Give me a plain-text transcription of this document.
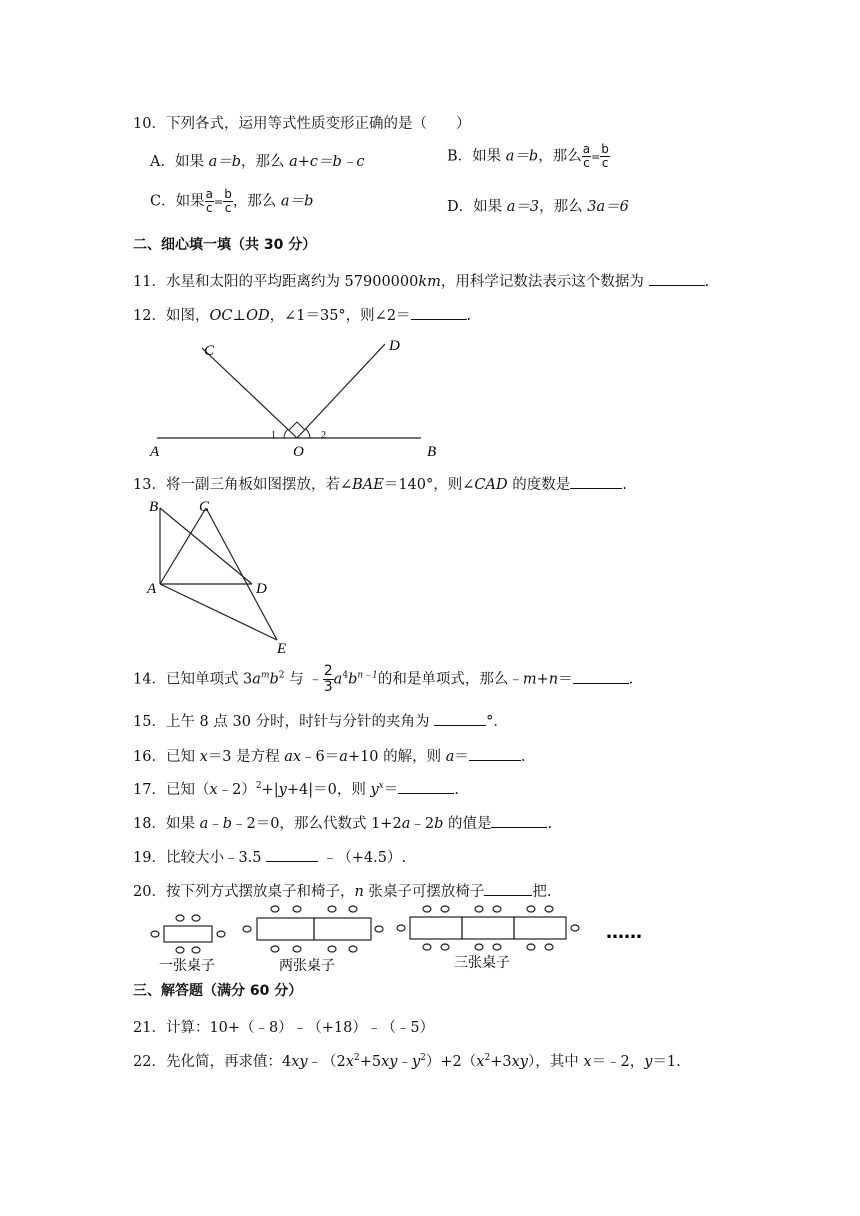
10．下列各式，运用等式性质变形正确的是（　　）
A．如果 a＝b，那么 a+c＝b﹣c	B．如果 a＝b，那么 $\frac{a}{c} = \frac{b}{c}$
C．如果 $\frac{a}{c} = \frac{b}{c}$ ，那么 a＝b	D．如果 a＝3，那么 3a＝6
二、细心填一填（共 30 分）
11．水星和太阳的平均距离约为 57900000km，用科学记数法表示这个数据为	.
12．如图，OC⊥OD，∠1＝35°，则∠2＝	.
C	D
A	O	B
1	2
13．将一副三角板如图摆放，若∠BAE＝140°，则∠CAD 的度数是	.
B	C
A	D
E
14．已知单项式 $3a^mb^2$ 与 ﹣ $\frac{2}{3} a^4b^{n﹣1}$的和是单项式，那么﹣m+n＝	.
15．上午 8 点 30 分时，时针与分针的夹角为	°．
16．已知 x＝3 是方程 ax﹣6＝a+10 的解，则 a＝	.
17．已知（x﹣2）$^2$+|y+4|＝0，则 $y^x=$	.
18．如果 a﹣b﹣2＝0，那么代数式 1+2a﹣2b 的值是	.
19．比较大小﹣3.5	﹣（+4.5）.
20．按下列方式摆放桌子和椅子，n 张桌子可摆放椅子	把.
一张桌子	两张桌子	三张桌子
……
三、解答题（满分 60 分）
21．计算：10+（﹣8）﹣（+18）﹣（﹣5）
22．先化简，再求值：$4xy﹣(2x^2+5xy﹣y^2)+2(x^2+3xy)$，其中 x＝﹣2，y＝1.
